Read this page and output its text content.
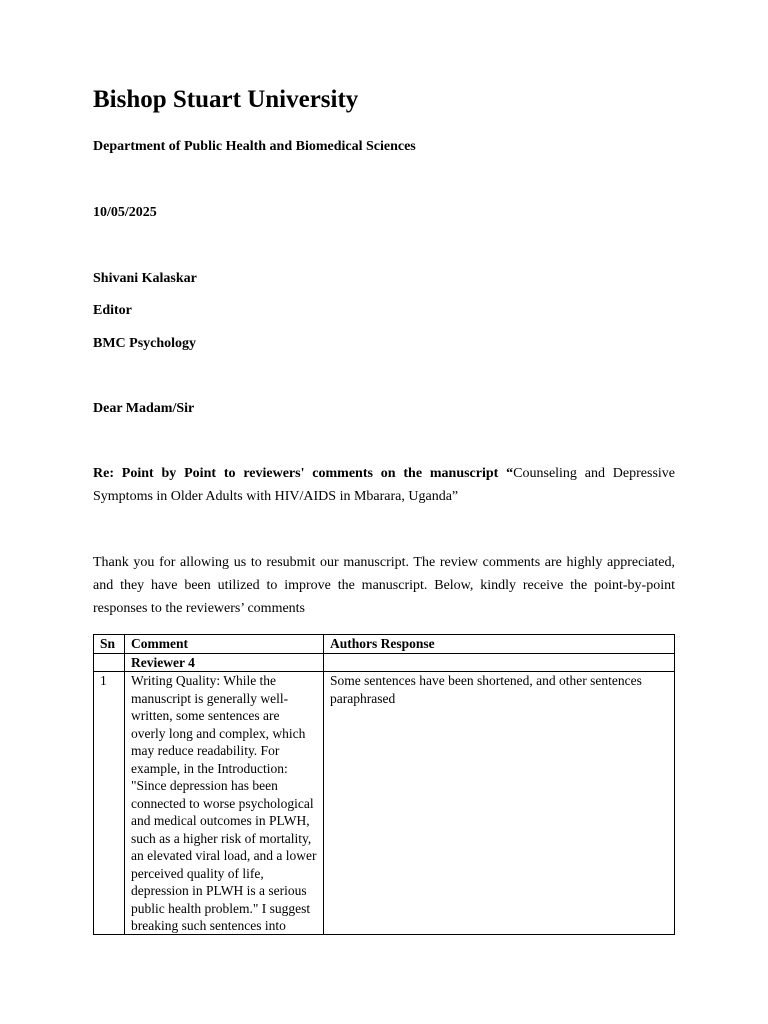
Bishop Stuart University
Department of Public Health and Biomedical Sciences
10/05/2025
Shivani Kalaskar
Editor
BMC Psychology
Dear Madam/Sir
Re: Point by Point to reviewers' comments on the manuscript “Counseling and Depressive Symptoms in Older Adults with HIV/AIDS in Mbarara, Uganda”
Thank you for allowing us to resubmit our manuscript. The review comments are highly appreciated, and they have been utilized to improve the manuscript. Below, kindly receive the point-by-point responses to the reviewers’ comments
Sn	Comment	Authors Response
	Reviewer 4	
1	Writing Quality: While the manuscript is generally well-written, some sentences are overly long and complex, which may reduce readability. For example, in the Introduction: "Since depression has been connected to worse psychological and medical outcomes in PLWH, such as a higher risk of mortality, an elevated viral load, and a lower perceived quality of life, depression in PLWH is a serious public health problem." I suggest breaking such sentences into	Some sentences have been shortened, and other sentences paraphrased
